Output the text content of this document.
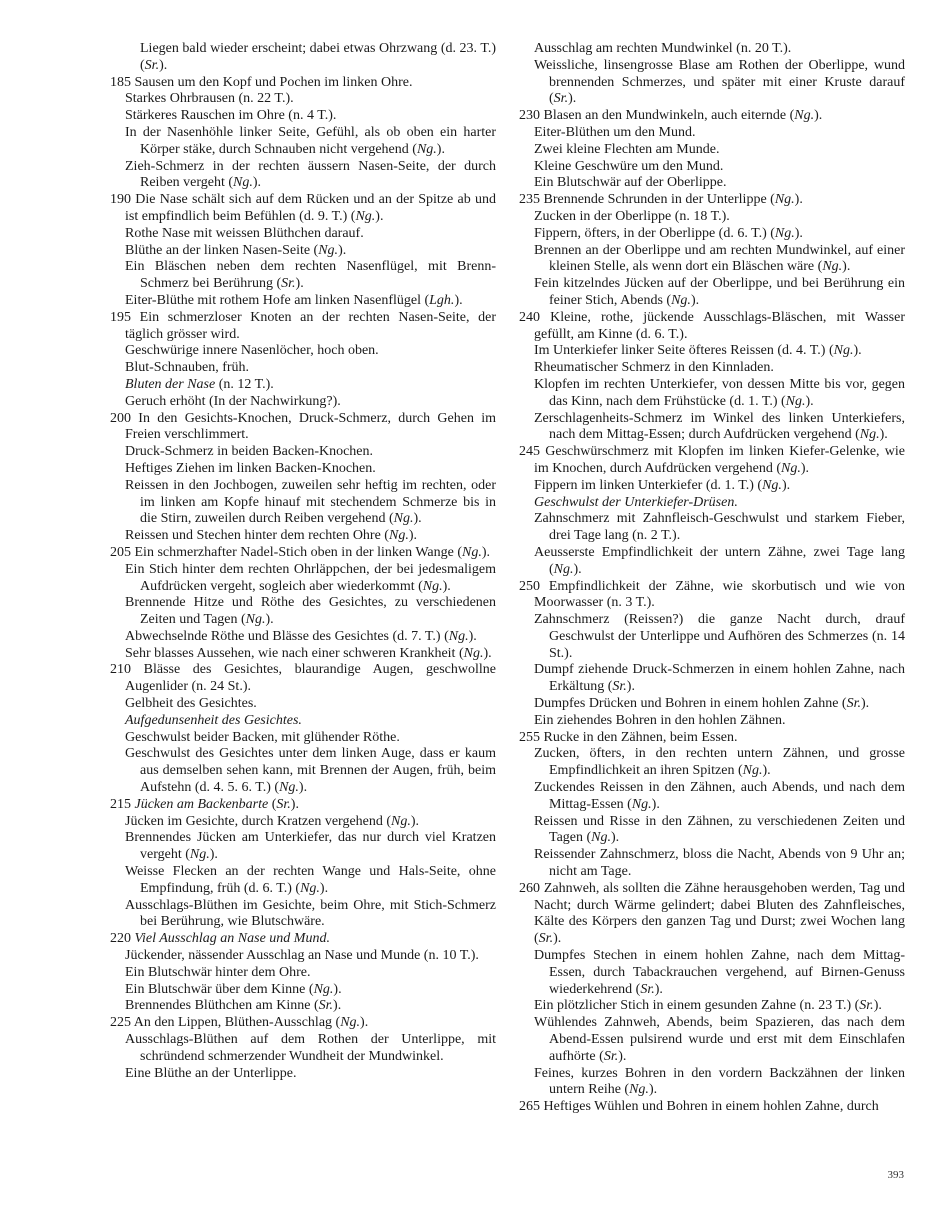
Liegen bald wieder erscheint; dabei etwas Ohrzwang (d. 23. T.) (Sr.).

185 Sausen um den Kopf und Pochen im linken Ohre.

Starkes Ohrbrausen (n. 22 T.).

Stärkeres Rauschen im Ohre (n. 4 T.).

In der Nasenhöhle linker Seite, Gefühl, als ob oben ein harter Körper stäke, durch Schnauben nicht vergehend (Ng.).

Zieh-Schmerz in der rechten äussern Nasen-Seite, der durch Reiben vergeht (Ng.).

190 Die Nase schält sich auf dem Rücken und an der Spitze ab und ist empfindlich beim Befühlen (d. 9. T.) (Ng.).

Rothe Nase mit weissen Blüthchen darauf.

Blüthe an der linken Nasen-Seite (Ng.).

Ein Bläschen neben dem rechten Nasenflügel, mit Brenn-Schmerz bei Berührung (Sr.).

Eiter-Blüthe mit rothem Hofe am linken Nasenflügel (Lgh.).

195 Ein schmerzloser Knoten an der rechten Nasen-Seite, der täglich grösser wird.

Geschwürige innere Nasenlöcher, hoch oben.

Blut-Schnauben, früh.

Bluten der Nase (n. 12 T.).

Geruch erhöht (In der Nachwirkung?).

200 In den Gesichts-Knochen, Druck-Schmerz, durch Gehen im Freien verschlimmert.

Druck-Schmerz in beiden Backen-Knochen.

Heftiges Ziehen im linken Backen-Knochen.

Reissen in den Jochbogen, zuweilen sehr heftig im rechten, oder im linken am Kopfe hinauf mit stechendem Schmerze bis in die Stirn, zuweilen durch Reiben vergehend (Ng.).

Reissen und Stechen hinter dem rechten Ohre (Ng.).

205 Ein schmerzhafter Nadel-Stich oben in der linken Wange (Ng.).

Ein Stich hinter dem rechten Ohrläppchen, der bei jedesmaligem Aufdrücken vergeht, sogleich aber wiederkommt (Ng.).

Brennende Hitze und Röthe des Gesichtes, zu verschiedenen Zeiten und Tagen (Ng.).

Abwechselnde Röthe und Blässe des Gesichtes (d. 7. T.) (Ng.).

Sehr blasses Aussehen, wie nach einer schweren Krankheit (Ng.).

210 Blässe des Gesichtes, blaurandige Augen, geschwollne Augenlider (n. 24 St.).

Gelbheit des Gesichtes.

Aufgedunsenheit des Gesichtes.

Geschwulst beider Backen, mit glühender Röthe.

Geschwulst des Gesichtes unter dem linken Auge, dass er kaum aus demselben sehen kann, mit Brennen der Augen, früh, beim Aufstehn (d. 4. 5. 6. T.) (Ng.).

215 Jücken am Backenbarte (Sr.).

Jücken im Gesichte, durch Kratzen vergehend (Ng.).

Brennendes Jücken am Unterkiefer, das nur durch viel Kratzen vergeht (Ng.).

Weisse Flecken an der rechten Wange und Hals-Seite, ohne Empfindung, früh (d. 6. T.) (Ng.).

Ausschlags-Blüthen im Gesichte, beim Ohre, mit Stich-Schmerz bei Berührung, wie Blutschwäre.

220 Viel Ausschlag an Nase und Mund.

Jückender, nässender Ausschlag an Nase und Munde (n. 10 T.).

Ein Blutschwär hinter dem Ohre.

Ein Blutschwär über dem Kinne (Ng.).

Brennendes Blüthchen am Kinne (Sr.).

225 An den Lippen, Blüthen-Ausschlag (Ng.).

Ausschlags-Blüthen auf dem Rothen der Unterlippe, mit schründend schmerzender Wundheit der Mundwinkel.

Eine Blüthe an der Unterlippe.

Ausschlag am rechten Mundwinkel (n. 20 T.).

Weissliche, linsengrosse Blase am Rothen der Oberlippe, wund brennenden Schmerzes, und später mit einer Kruste darauf (Sr.).

230 Blasen an den Mundwinkeln, auch eiternde (Ng.).

Eiter-Blüthen um den Mund.

Zwei kleine Flechten am Munde.

Kleine Geschwüre um den Mund.

Ein Blutschwär auf der Oberlippe.

235 Brennende Schrunden in der Unterlippe (Ng.).

Zucken in der Oberlippe (n. 18 T.).

Fippern, öfters, in der Oberlippe (d. 6. T.) (Ng.).

Brennen an der Oberlippe und am rechten Mundwinkel, auf einer kleinen Stelle, als wenn dort ein Bläschen wäre (Ng.).

Fein kitzelndes Jücken auf der Oberlippe, und bei Berührung ein feiner Stich, Abends (Ng.).

240 Kleine, rothe, jückende Ausschlags-Bläschen, mit Wasser gefüllt, am Kinne (d. 6. T.).

Im Unterkiefer linker Seite öfteres Reissen (d. 4. T.) (Ng.).

Rheumatischer Schmerz in den Kinnladen.

Klopfen im rechten Unterkiefer, von dessen Mitte bis vor, gegen das Kinn, nach dem Frühstücke (d. 1. T.) (Ng.).

Zerschlagenheits-Schmerz im Winkel des linken Unterkiefers, nach dem Mittag-Essen; durch Aufdrücken vergehend (Ng.).

245 Geschwürschmerz mit Klopfen im linken Kiefer-Gelenke, wie im Knochen, durch Aufdrücken vergehend (Ng.).

Fippern im linken Unterkiefer (d. 1. T.) (Ng.).

Geschwulst der Unterkiefer-Drüsen.

Zahnschmerz mit Zahnfleisch-Geschwulst und starkem Fieber, drei Tage lang (n. 2 T.).

Aeusserste Empfindlichkeit der untern Zähne, zwei Tage lang (Ng.).

250 Empfindlichkeit der Zähne, wie skorbutisch und wie von Moorwasser (n. 3 T.).

Zahnschmerz (Reissen?) die ganze Nacht durch, drauf Geschwulst der Unterlippe und Aufhören des Schmerzes (n. 14 St.).

Dumpf ziehende Druck-Schmerzen in einem hohlen Zahne, nach Erkältung (Sr.).

Dumpfes Drücken und Bohren in einem hohlen Zahne (Sr.).

Ein ziehendes Bohren in den hohlen Zähnen.

255 Rucke in den Zähnen, beim Essen.

Zucken, öfters, in den rechten untern Zähnen, und grosse Empfindlichkeit an ihren Spitzen (Ng.).

Zuckendes Reissen in den Zähnen, auch Abends, und nach dem Mittag-Essen (Ng.).

Reissen und Risse in den Zähnen, zu verschiedenen Zeiten und Tagen (Ng.).

Reissender Zahnschmerz, bloss die Nacht, Abends von 9 Uhr an; nicht am Tage.

260 Zahnweh, als sollten die Zähne herausgehoben werden, Tag und Nacht; durch Wärme gelindert; dabei Bluten des Zahnfleisches, Kälte des Körpers den ganzen Tag und Durst; zwei Wochen lang (Sr.).

Dumpfes Stechen in einem hohlen Zahne, nach dem Mittag-Essen, durch Tabackrauchen vergehend, auf Birnen-Genuss wiederkehrend (Sr.).

Ein plötzlicher Stich in einem gesunden Zahne (n. 23 T.) (Sr.).

Wühlendes Zahnweh, Abends, beim Spazieren, das nach dem Abend-Essen pulsirend wurde und erst mit dem Einschlafen aufhörte (Sr.).

Feines, kurzes Bohren in den vordern Backzähnen der linken untern Reihe (Ng.).

265 Heftiges Wühlen und Bohren in einem hohlen Zahne, durch

393
